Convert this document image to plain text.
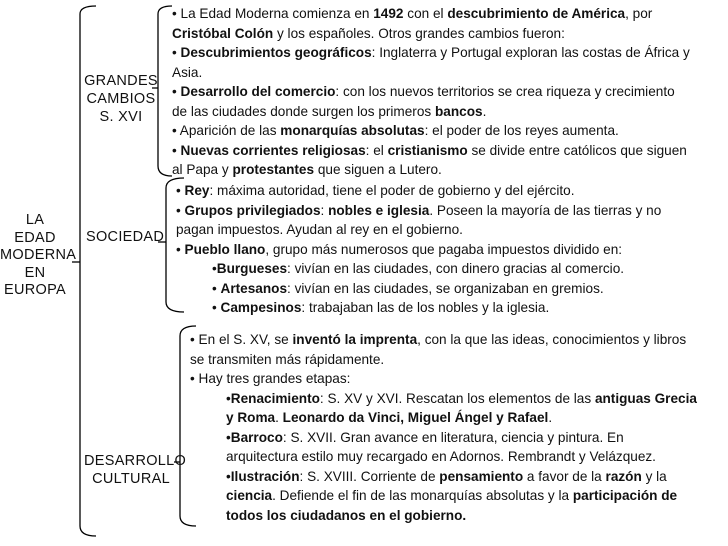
LA
EDAD
MODERNA
EN
EUROPA
GRANDES
CAMBIOS
S. XVI
• La Edad Moderna comienza en 1492 con el descubrimiento de América, por
Cristóbal Colón y los españoles. Otros grandes cambios fueron:
• Descubrimientos geográficos: Inglaterra y Portugal exploran las costas de África y
Asia.
• Desarrollo del comercio: con los nuevos territorios se crea riqueza y crecimiento
de las ciudades donde surgen los primeros bancos.
• Aparición de las monarquías absolutas: el poder de los reyes aumenta.
• Nuevas corrientes religiosas: el cristianismo se divide entre católicos que siguen
al Papa y protestantes que siguen a Lutero.
SOCIEDAD
• Rey: máxima autoridad, tiene el poder de gobierno y del ejército.
• Grupos privilegiados: nobles e iglesia. Poseen la mayoría de las tierras y no
pagan impuestos. Ayudan al rey en el gobierno.
• Pueblo llano, grupo más numerosos que pagaba impuestos dividido en:
•Burgueses: vivían en las ciudades, con dinero gracias al comercio.
• Artesanos: vivían en las ciudades, se organizaban en gremios.
• Campesinos: trabajaban las de los nobles y la iglesia.
DESARROLLO
CULTURAL
• En el S. XV, se inventó la imprenta, con la que las ideas, conocimientos y libros
se transmiten más rápidamente.
• Hay tres grandes etapas:
•Renacimiento: S. XV y XVI. Rescatan los elementos de las antiguas Grecia
y Roma. Leonardo da Vinci, Miguel Ángel y Rafael.
•Barroco: S. XVII. Gran avance en literatura, ciencia y pintura. En
arquitectura estilo muy recargado en Adornos. Rembrandt y Velázquez.
•Ilustración: S. XVIII. Corriente de pensamiento a favor de la razón y la
ciencia. Defiende el fin de las monarquías absolutas y la participación de
todos los ciudadanos en el gobierno.
